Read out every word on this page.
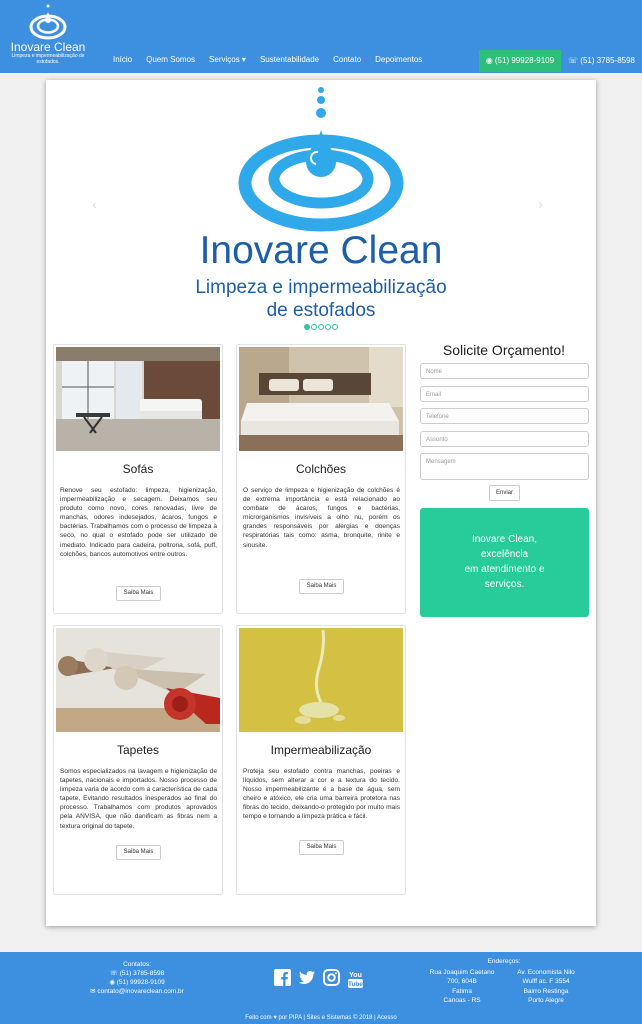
Inovare Clean
Limpeza e impermeabilização de estofados.	Início	Quem Somos	Serviços ▾	Sustentabilidade	Contato	Depoimentos	◉ (51) 99928-9109	☏ (51) 3785-8598
‹	›
Inovare Clean
Limpeza e impermeabilização
de estofados
Sofás

Renove seu estofado: limpeza, higienização, impermeabilização e secagem. Deixamos seu produto como novo, cores renovadas, livre de manchas, odores indesejados, ácaros, fungos e bactérias. Trabalhamos com o processo de limpeza à seco, no qual o estofado pode ser utilizado de imediato. Indicado para cadeira, poltrona, sofá, puff, colchões, bancos automotivos entre outros.

Saiba Mais
Colchões

O serviço de limpeza e higienização de colchões é de extrema importância e está relacionado ao combate de ácaros, fungos e bactérias, microrganismos invisíveis a olho nu, porém os grandes responsáveis por alergias e doenças respiratórias tais como: asma, bronquite, rinite e sinusite.

Saiba Mais
Tapetes

Somos especializados na lavagem e higienização de tapetes, nacionais e importados. Nosso processo de limpeza varia de acordo com a característica de cada tapete, Evitando resultados inesperados ao final do processo. Trabalhamos com produtos aprovados pela ANVISA, que não danificam as fibras nem a textura original do tapete.

Saiba Mais
Impermeabilização

Proteja seu estofado contra manchas, poeiras e líquidos, sem alterar a cor e a textura do tecido. Nosso impermeabilizante é a base de água, sem cheiro e atóxico, ele cria uma barreira protetora nas fibras do tecido, deixando-o protegido por muito mais tempo e tornando a limpeza prática e fácil.

Saiba Mais
Solicite Orçamento!
Nome
Email
Telefone
Assunto
Mensagem
Enviar
Inovare Clean,
excelência
em atendimento e
serviços.
Contatos:
☏ (51) 3785-8598
◉ (51) 99928-9109
✉ contato@inovareclean.com.br
You
Tube
Endereços:
Rua Joaquim Caetano
700, 604B
Fatima
Canoas - RS
Av. Economista Nilo
Wulff ac. F 3554
Bairro Restinga
Porto Alegre
Feito com ♥ por PIPA | Sites e Sistemas © 2018 | Acesso
